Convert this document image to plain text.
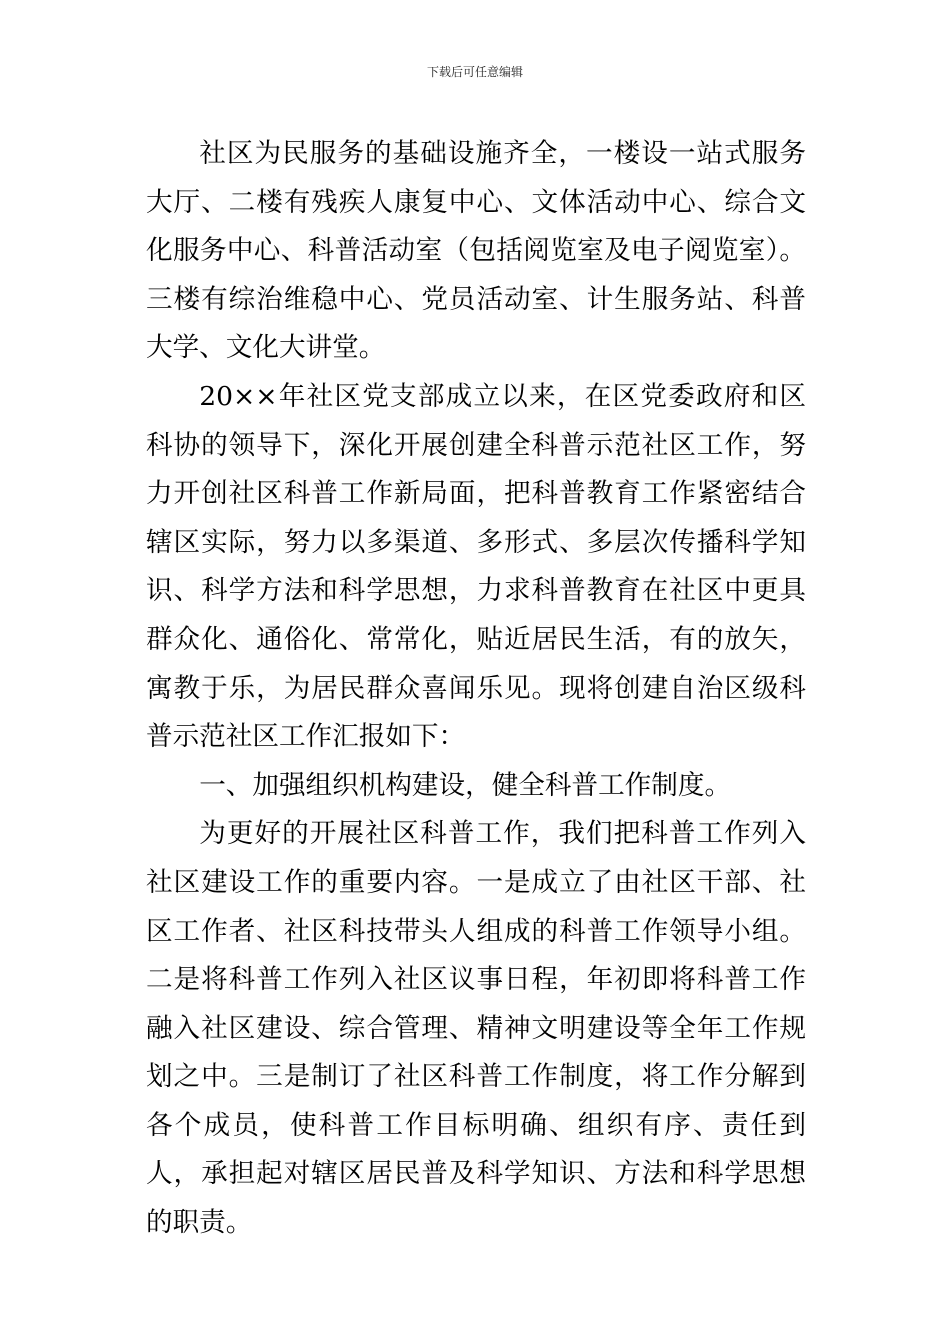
下载后可任意编辑

社区为民服务的基础设施齐全，一楼设一站式服务大厅、二楼有残疾人康复中心、文体活动中心、综合文化服务中心、科普活动室（包括阅览室及电子阅览室）。三楼有综治维稳中心、党员活动室、计生服务站、科普大学、文化大讲堂。

20××年社区党支部成立以来，在区党委政府和区科协的领导下，深化开展创建全科普示范社区工作，努力开创社区科普工作新局面，把科普教育工作紧密结合辖区实际，努力以多渠道、多形式、多层次传播科学知识、科学方法和科学思想，力求科普教育在社区中更具群众化、通俗化、常常化，贴近居民生活，有的放矢，寓教于乐，为居民群众喜闻乐见。现将创建自治区级科普示范社区工作汇报如下：

一、加强组织机构建设，健全科普工作制度。

为更好的开展社区科普工作，我们把科普工作列入社区建设工作的重要内容。一是成立了由社区干部、社区工作者、社区科技带头人组成的科普工作领导小组。二是将科普工作列入社区议事日程，年初即将科普工作融入社区建设、综合管理、精神文明建设等全年工作规划之中。三是制订了社区科普工作制度，将工作分解到各个成员，使科普工作目标明确、组织有序、责任到人，承担起对辖区居民普及科学知识、方法和科学思想的职责。
